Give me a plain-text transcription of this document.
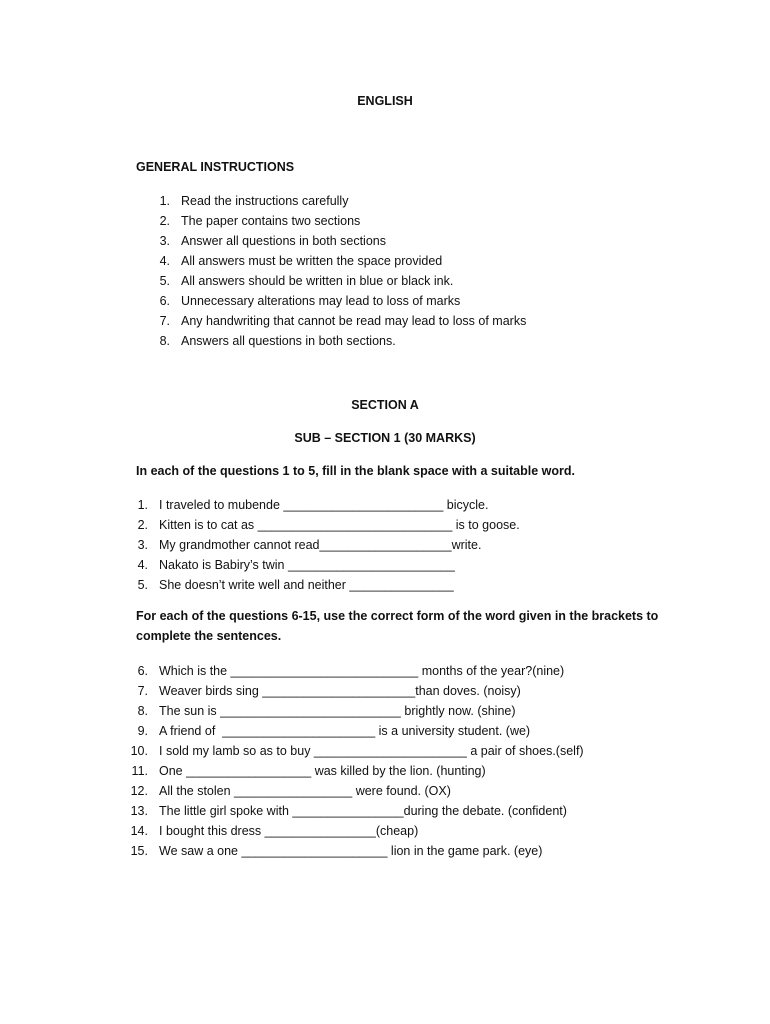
ENGLISH
GENERAL INSTRUCTIONS
1. Read the instructions carefully
2. The paper contains two sections
3. Answer all questions in both sections
4. All answers must be written the space provided
5. All answers should be written in blue or black ink.
6. Unnecessary alterations may lead to loss of marks
7. Any handwriting that cannot be read may lead to loss of marks
8. Answers all questions in both sections.
SECTION A
SUB – SECTION 1 (30 MARKS)
In each of the questions 1 to 5, fill in the blank space with a suitable word.
1. I traveled to mubende _______________________ bicycle.
2. Kitten is to cat as ____________________________ is to goose.
3. My grandmother cannot read___________________write.
4. Nakato is Babiry’s twin ________________________
5. She doesn’t write well and neither _______________
For each of the questions 6-15, use the correct form of the word given in the brackets to
complete the sentences.
6. Which is the ___________________________ months of the year?(nine)
7. Weaver birds sing ______________________than doves. (noisy)
8. The sun is __________________________ brightly now. (shine)
9. A friend of  ______________________ is a university student. (we)
10. I sold my lamb so as to buy ______________________ a pair of shoes.(self)
11. One __________________ was killed by the lion. (hunting)
12. All the stolen _________________ were found. (OX)
13. The little girl spoke with ________________during the debate. (confident)
14. I bought this dress ________________(cheap)
15. We saw a one _____________________ lion in the game park. (eye)
